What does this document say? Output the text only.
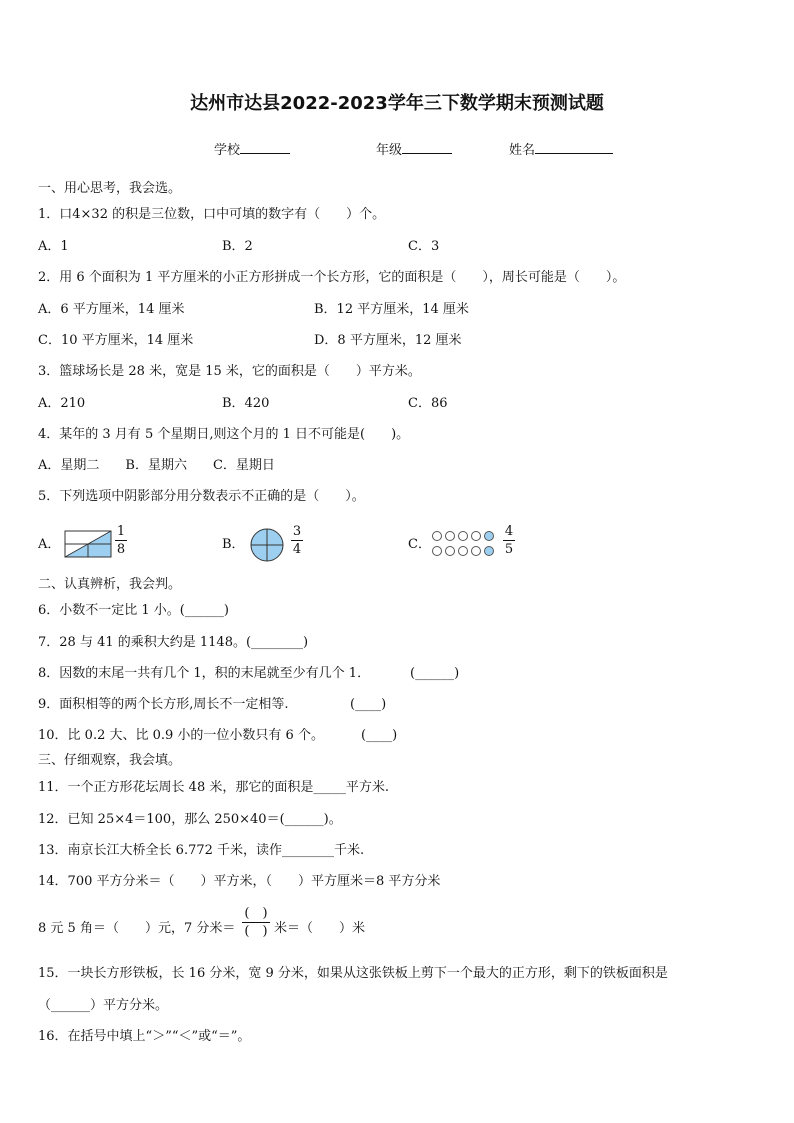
达州市达县2022-2023学年三下数学期末预测试题
学校	年级	姓名
一、用心思考，我会选。
1．口4×32 的积是三位数，口中可填的数字有（　　）个。
A．1	B．2	C．3
2．用 6 个面积为 1 平方厘米的小正方形拼成一个长方形，它的面积是（　　），周长可能是（　　）。
A．6 平方厘米，14 厘米	B．12 平方厘米，14 厘米
C．10 平方厘米，14 厘米	D．8 平方厘米，12 厘米
3．篮球场长是 28 米，宽是 15 米，它的面积是（　　）平方米。
A．210	B．420	C．86
4．某年的 3 月有 5 个星期日,则这个月的 1 日不可能是(　　)。
A．星期二　　B．星期六　　C．星期日
5．下列选项中阴影部分用分数表示不正确的是（　　）。
A．
1
8	B．
3
4	C．
4
5
二、认真辨析，我会判。
6．小数不一定比 1 小。(______)
7．28 与 41 的乘积大约是 1148。(________)
8．因数的末尾一共有几个 1，积的末尾就至少有几个 1．	(______)
9．面积相等的两个长方形,周长不一定相等.	(____)
10．比 0.2 大、比 0.9 小的一位小数只有 6 个。	(____)
三、仔细观察，我会填。
11．一个正方形花坛周长 48 米，那它的面积是_____平方米.
12．已知 25×4＝100，那么 250×40＝(______)。
13．南京长江大桥全长 6.772 千米，读作________千米.
14．700 平方分米＝（　　）平方米，（　　）平方厘米＝8 平方分米
8 元 5 角＝（　　）元，7 分米＝
(　)
(　) 米＝（　　）米
15．一块长方形铁板，长 16 分米，宽 9 分米，如果从这张铁板上剪下一个最大的正方形，剩下的铁板面积是
（______）平方分米。
16．在括号中填上“＞”“＜”或“＝”。
